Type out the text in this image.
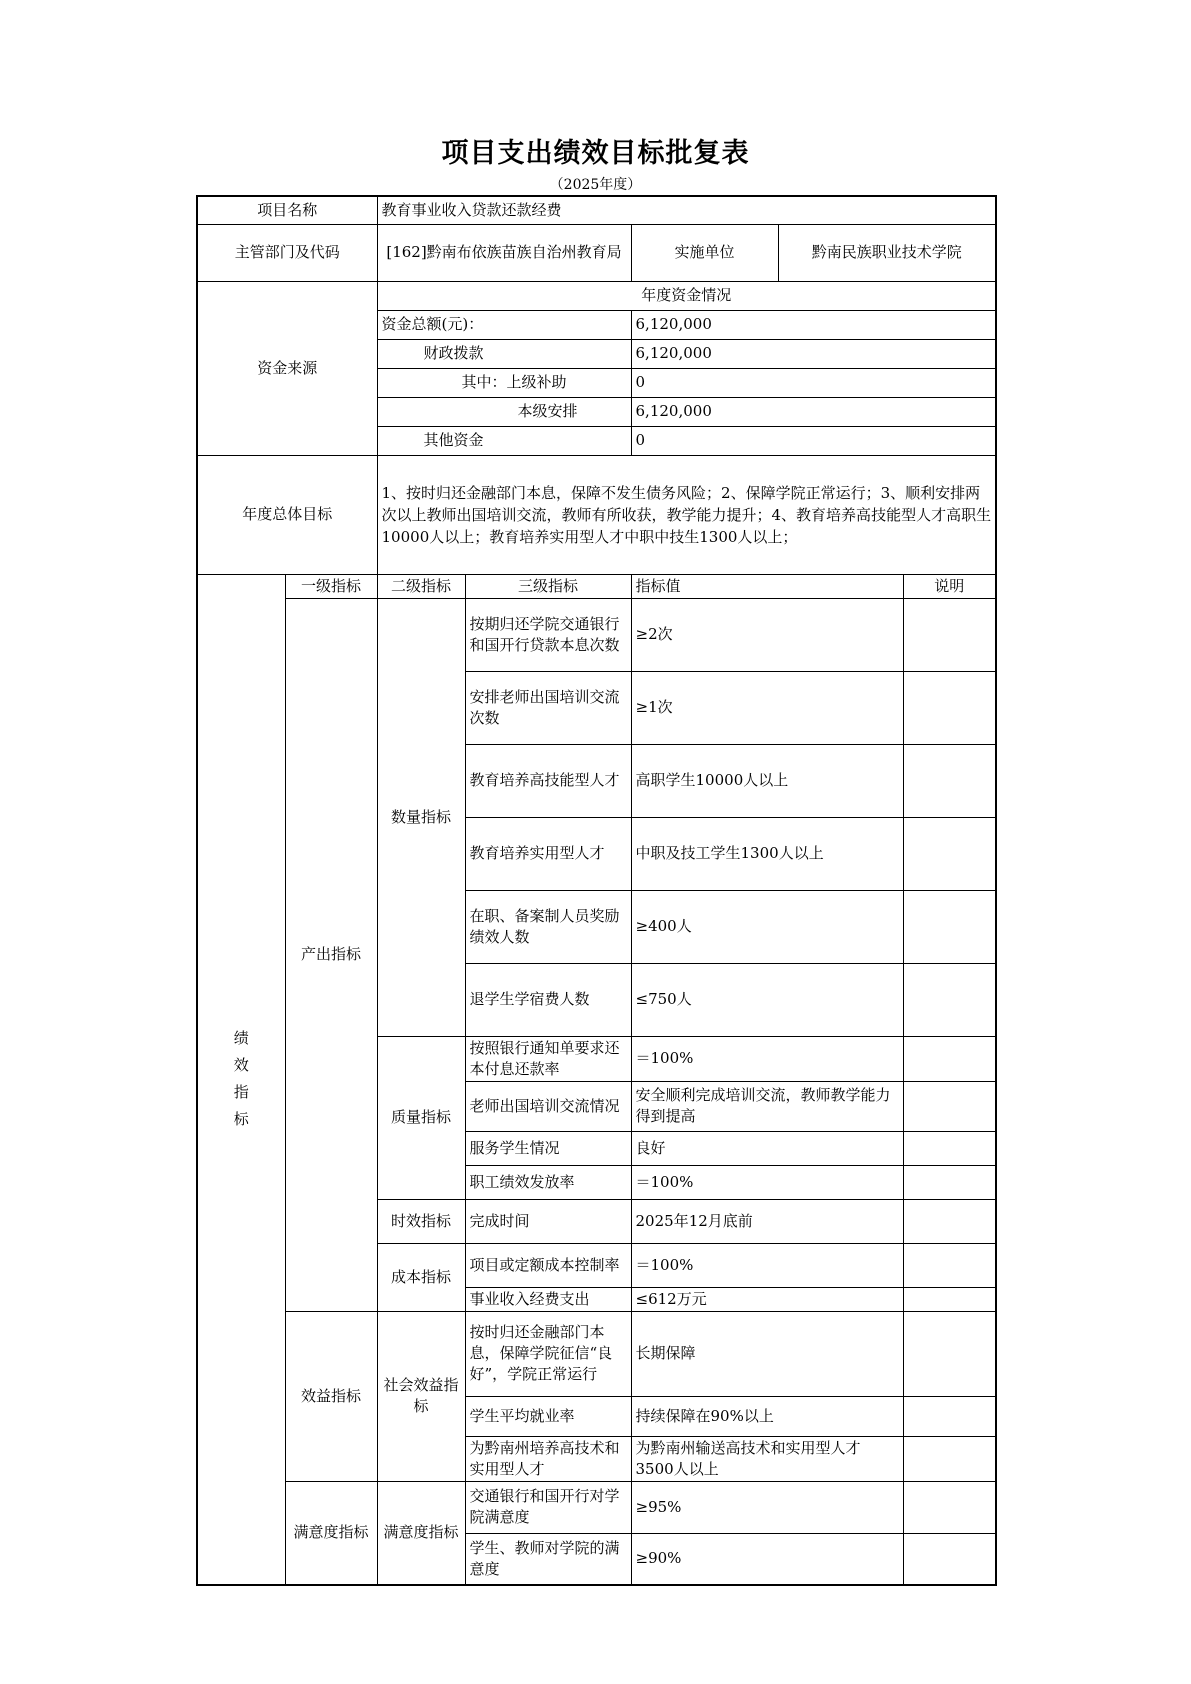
项目支出绩效目标批复表
（2025年度）
项目名称		教育事业收入贷款还款经费				
主管部门及代码		[162]黔南布依族苗族自治州教育局		实施单位	黔南民族职业技术学院	
资金来源		年度资金情况				
		资金总额(元)：		6,120,000		
		财政拨款		6,120,000		
		其中：上级补助		0		
		本级安排		6,120,000		
		其他资金		0		
年度总体目标		1、按时归还金融部门本息，保障不发生债务风险；2、保障学院正常运行；3、顺利安排两次以上教师出国培训交流，教师有所收获，教学能力提升；4、教育培养高技能型人才高职生10000人以上；教育培养实用型人才中职中技生1300人以上；				
绩效指标	一级指标	二级指标	三级指标	指标值		说明
	产出指标	数量指标	按期归还学院交通银行和国开行贷款本息次数	≥2次		
			安排老师出国培训交流次数	≥1次		
			教育培养高技能型人才	高职学生10000人以上		
			教育培养实用型人才	中职及技工学生1300人以上		
			在职、备案制人员奖励绩效人数	≥400人		
			退学生学宿费人数	≤750人		
		质量指标	按照银行通知单要求还本付息还款率	＝100%		
			老师出国培训交流情况	安全顺利完成培训交流，教师教学能力得到提高		
			服务学生情况	良好		
			职工绩效发放率	＝100%		
		时效指标	完成时间	2025年12月底前		
		成本指标	项目或定额成本控制率	＝100%		
			事业收入经费支出	≤612万元		
	效益指标	社会效益指标	按时归还金融部门本息，保障学院征信“良好”，学院正常运行	长期保障		
			学生平均就业率	持续保障在90%以上		
			为黔南州培养高技术和实用型人才	为黔南州输送高技术和实用型人才3500人以上		
	满意度指标	满意度指标	交通银行和国开行对学院满意度	≥95%		
			学生、教师对学院的满意度	≥90%		
